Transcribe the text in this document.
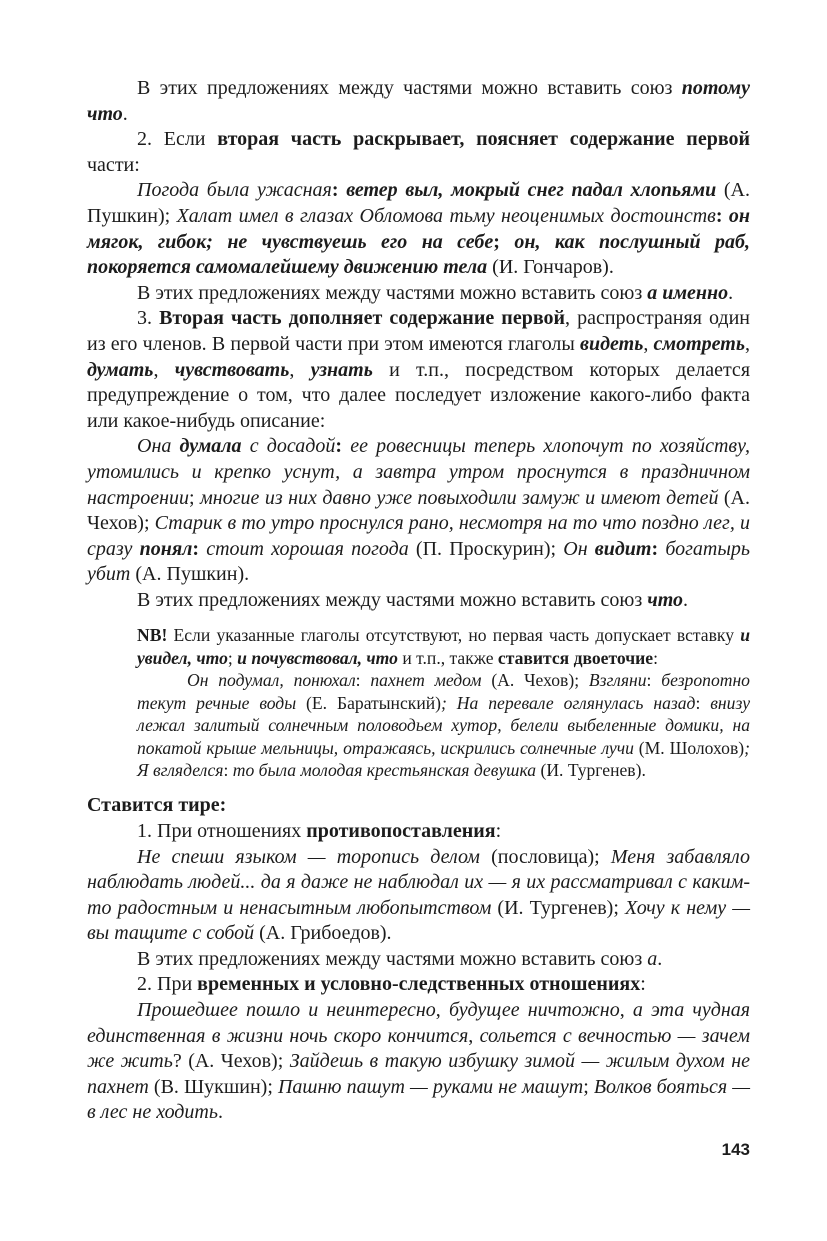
В этих предложениях между частями можно вставить союз потому что.

2. Если вторая часть раскрывает, поясняет содержание первой части:

Погода была ужасная: ветер выл, мокрый снег падал хлопьями (А. Пушкин); Халат имел в глазах Обломова тьму неоценимых достоинств: он мягок, гибок; не чувствуешь его на себе; он, как послушный раб, покоряется самомалейшему движению тела (И. Гончаров).

В этих предложениях между частями можно вставить союз а именно.

3. Вторая часть дополняет содержание первой, распространяя один из его членов. В первой части при этом имеются глаголы видеть, смотреть, думать, чувствовать, узнать и т.п., посредством которых делается предупреждение о том, что далее последует изложение какого-либо факта или какое-нибудь описание:

Она думала с досадой: ее ровесницы теперь хлопочут по хозяйству, утомились и крепко уснут, а завтра утром проснутся в праздничном настроении; многие из них давно уже повыходили замуж и имеют детей (А. Чехов); Старик в то утро проснулся рано, несмотря на то что поздно лег, и сразу понял: стоит хорошая погода (П. Проскурин); Он видит: богатырь убит (А. Пушкин).

В этих предложениях между частями можно вставить союз что.

NB! Если указанные глаголы отсутствуют, но первая часть допускает вставку и увидел, что; и почувствовал, что и т.п., также ставится двоеточие:

Он подумал, понюхал: пахнет медом (А. Чехов); Взгляни: безропотно текут речные воды (Е. Баратынский); На перевале оглянулась назад: внизу лежал залитый солнечным половодьем хутор, белели выбеленные домики, на покатой крыше мельницы, отражаясь, искрились солнечные лучи (М. Шолохов); Я вгляделся: то была молодая крестьянская девушка (И. Тургенев).

Ставится тире:

1. При отношениях противопоставления:

Не спеши языком — торопись делом (пословица); Меня забавляло наблюдать людей... да я даже не наблюдал их — я их рассматривал с каким-то радостным и ненасытным любопытством (И. Тургенев); Хочу к нему — вы тащите с собой (А. Грибоедов).

В этих предложениях между частями можно вставить союз а.

2. При временных и условно-следственных отношениях:

Прошедшее пошло и неинтересно, будущее ничтожно, а эта чудная единственная в жизни ночь скоро кончится, сольется с вечностью — зачем же жить? (А. Чехов); Зайдешь в такую избушку зимой — жилым духом не пахнет (В. Шукшин); Пашню пашут — руками не машут; Волков бояться — в лес не ходить.

143
